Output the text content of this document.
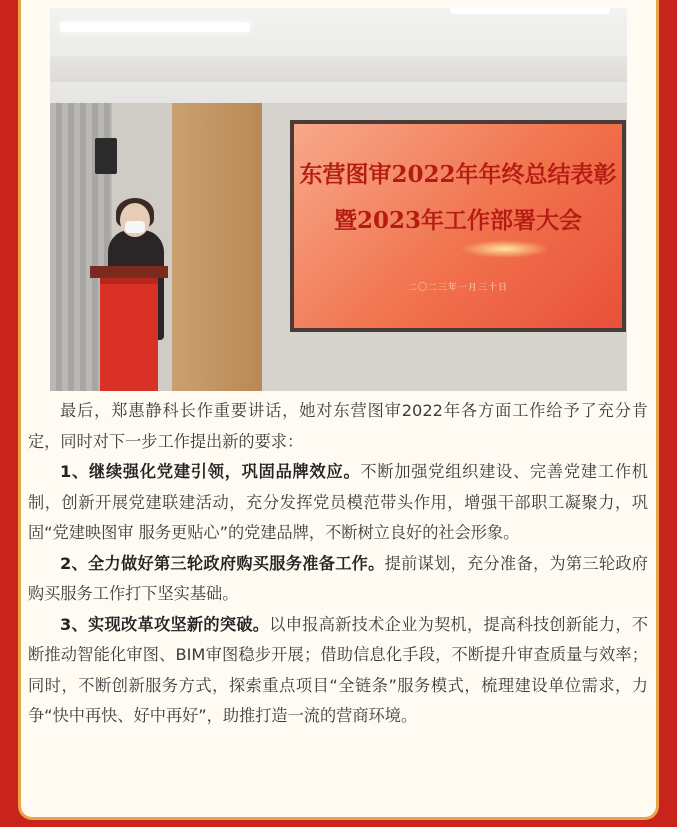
东营图审2022年年终总结表彰
暨2023年工作部署大会
二〇二三年一月三十日

最后，郑惠静科长作重要讲话，她对东营图审2022年各方面工作给予了充分肯定，同时对下一步工作提出新的要求：

1、继续强化党建引领，巩固品牌效应。不断加强党组织建设、完善党建工作机制，创新开展党建联建活动，充分发挥党员模范带头作用，增强干部职工凝聚力，巩固“党建映图审 服务更贴心”的党建品牌，不断树立良好的社会形象。

2、全力做好第三轮政府购买服务准备工作。提前谋划，充分准备，为第三轮政府购买服务工作打下坚实基础。

3、实现改革攻坚新的突破。以申报高新技术企业为契机，提高科技创新能力，不断推动智能化审图、BIM审图稳步开展；借助信息化手段，不断提升审查质量与效率；同时，不断创新服务方式，探索重点项目“全链条”服务模式，梳理建设单位需求，力争“快中再快、好中再好”，助推打造一流的营商环境。
